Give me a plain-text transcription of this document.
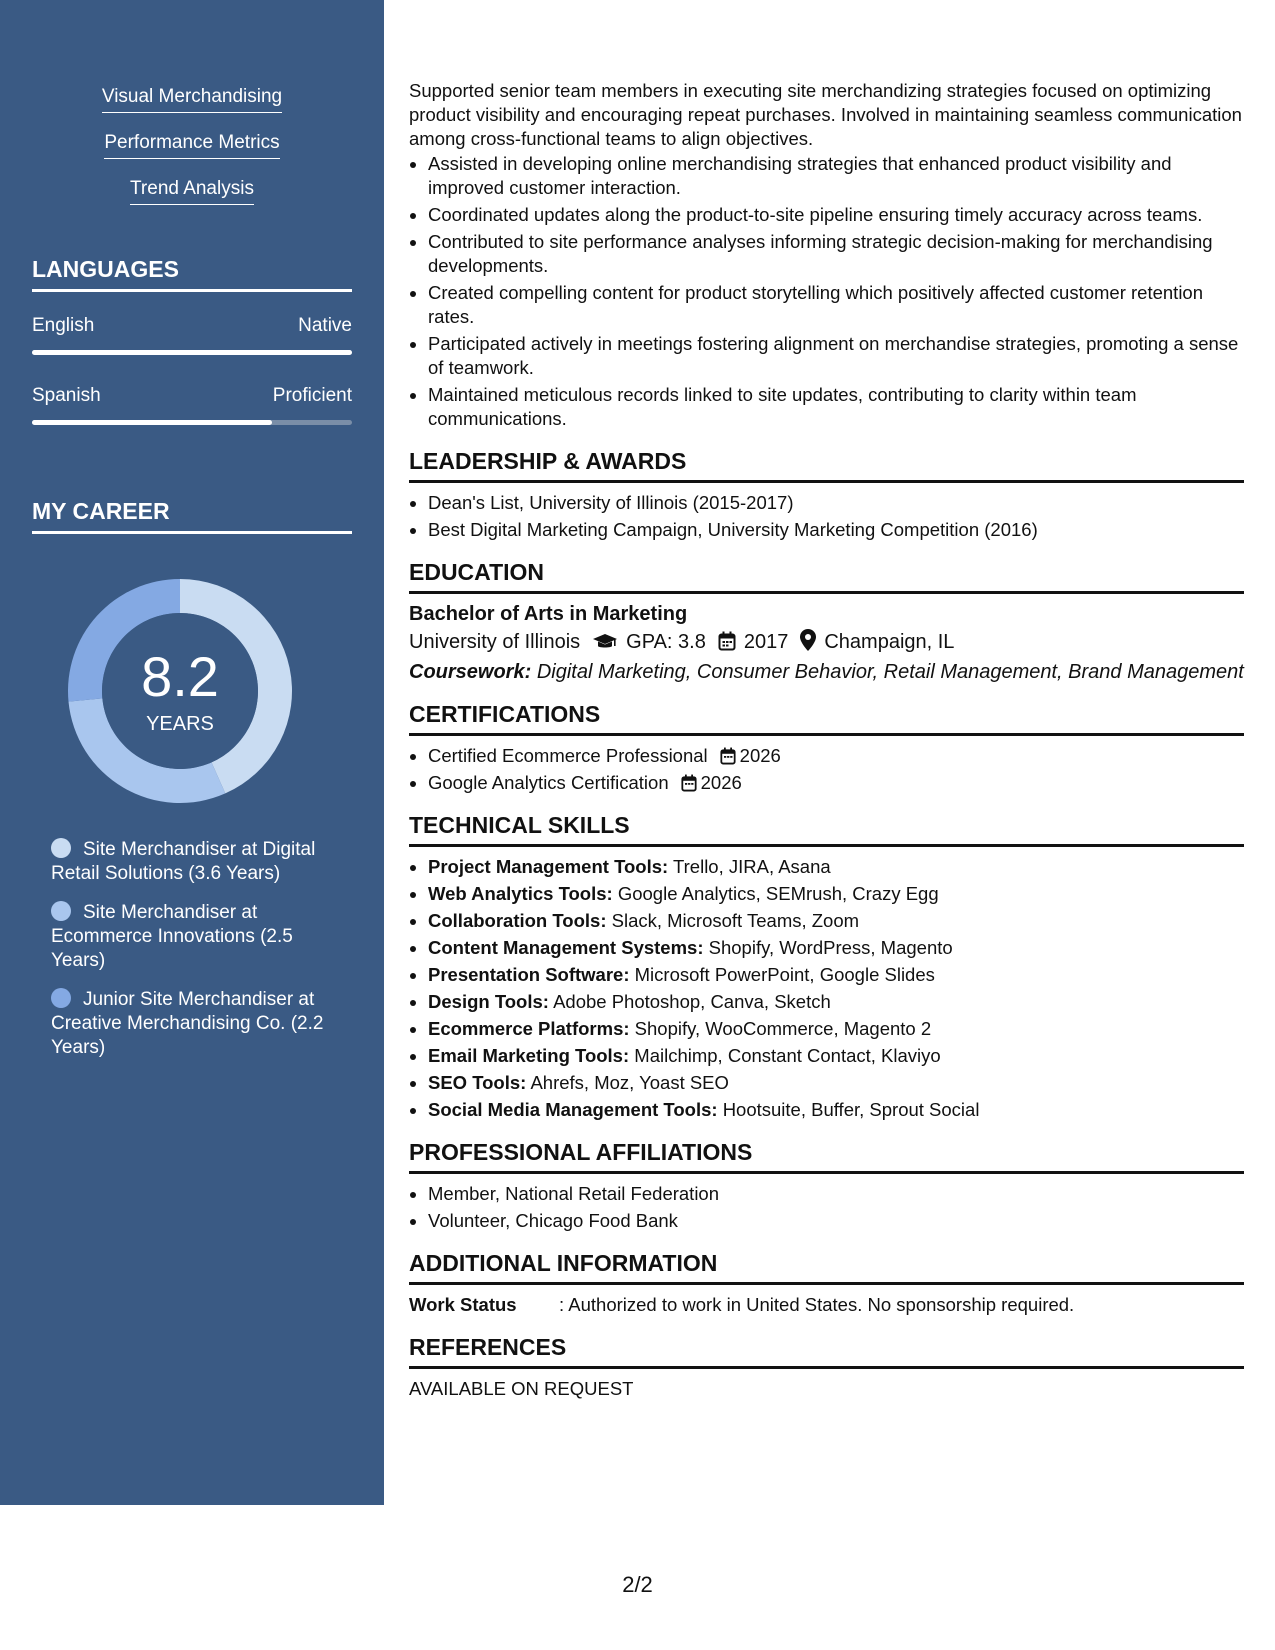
Visual Merchandising
Performance Metrics
Trend Analysis
LANGUAGES
English	Native
Spanish	Proficient
MY CAREER
8.2
YEARS
Site Merchandiser at Digital Retail Solutions (3.6 Years)
Site Merchandiser at Ecommerce Innovations (2.5 Years)
Junior Site Merchandiser at Creative Merchandising Co. (2.2 Years)

Supported senior team members in executing site merchandizing strategies focused on optimizing product visibility and encouraging repeat purchases. Involved in maintaining seamless communication among cross-functional teams to align objectives.

• Assisted in developing online merchandising strategies that enhanced product visibility and improved customer interaction.
• Coordinated updates along the product-to-site pipeline ensuring timely accuracy across teams.
• Contributed to site performance analyses informing strategic decision-making for merchandising developments.
• Created compelling content for product storytelling which positively affected customer retention rates.
• Participated actively in meetings fostering alignment on merchandise strategies, promoting a sense of teamwork.
• Maintained meticulous records linked to site updates, contributing to clarity within team communications.
LEADERSHIP & AWARDS
• Dean's List, University of Illinois (2015-2017)
• Best Digital Marketing Campaign, University Marketing Competition (2016)
EDUCATION
Bachelor of Arts in Marketing
University of Illinois GPA: 3.8 2017 Champaign, IL
Coursework: Digital Marketing, Consumer Behavior, Retail Management, Brand Management
CERTIFICATIONS
• Certified Ecommerce Professional 2026
• Google Analytics Certification 2026
TECHNICAL SKILLS
• Project Management Tools: Trello, JIRA, Asana
• Web Analytics Tools: Google Analytics, SEMrush, Crazy Egg
• Collaboration Tools: Slack, Microsoft Teams, Zoom
• Content Management Systems: Shopify, WordPress, Magento
• Presentation Software: Microsoft PowerPoint, Google Slides
• Design Tools: Adobe Photoshop, Canva, Sketch
• Ecommerce Platforms: Shopify, WooCommerce, Magento 2
• Email Marketing Tools: Mailchimp, Constant Contact, Klaviyo
• SEO Tools: Ahrefs, Moz, Yoast SEO
• Social Media Management Tools: Hootsuite, Buffer, Sprout Social
PROFESSIONAL AFFILIATIONS
• Member, National Retail Federation
• Volunteer, Chicago Food Bank
ADDITIONAL INFORMATION
Work Status : Authorized to work in United States. No sponsorship required.
REFERENCES
AVAILABLE ON REQUEST
2/2
